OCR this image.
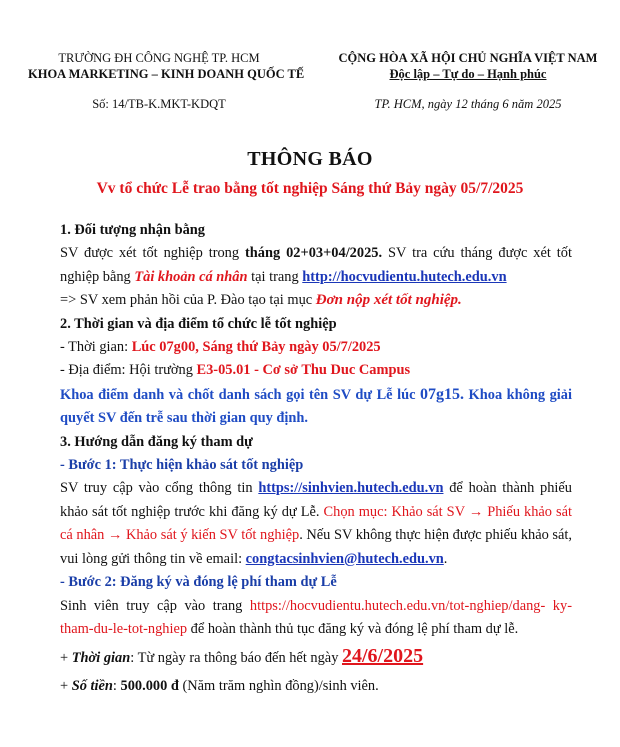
TRƯỜNG ĐH CÔNG NGHỆ TP. HCM
KHOA MARKETING – KINH DOANH QUỐC TẾ
Số: 14/TB-K.MKT-KDQT
CỘNG HÒA XÃ HỘI CHỦ NGHĨA VIỆT NAM
Độc lập – Tự do – Hạnh phúc
TP. HCM, ngày 12 tháng 6 năm 2025
THÔNG BÁO
Vv tổ chức Lễ trao bằng tốt nghiệp Sáng thứ Bảy ngày 05/7/2025

1. Đối tượng nhận bằng

SV được xét tốt nghiệp trong tháng 02+03+04/2025. SV tra cứu tháng được xét tốt nghiệp bằng Tài khoản cá nhân tại trang http://hocvudientu.hutech.edu.vn

=> SV xem phản hồi của P. Đào tạo tại mục Đơn nộp xét tốt nghiệp.

2. Thời gian và địa điểm tổ chức lễ tốt nghiệp

- Thời gian: Lúc 07g00, Sáng thứ Bảy ngày 05/7/2025

- Địa điểm: Hội trường E3-05.01 - Cơ sở Thu Duc Campus

Khoa điểm danh và chốt danh sách gọi tên SV dự Lễ lúc 07g15. Khoa không giải quyết SV đến trễ sau thời gian quy định.

3. Hướng dẫn đăng ký tham dự

- Bước 1: Thực hiện khảo sát tốt nghiệp

SV truy cập vào cổng thông tin https://sinhvien.hutech.edu.vn để hoàn thành phiếu khảo sát tốt nghiệp trước khi đăng ký dự Lễ. Chọn mục: Khảo sát SV → Phiếu khảo sát cá nhân → Khảo sát ý kiến SV tốt nghiệp. Nếu SV không thực hiện được phiếu khảo sát, vui lòng gửi thông tin về email: congtacsinhvien@hutech.edu.vn.

- Bước 2: Đăng ký và đóng lệ phí tham dự Lễ

Sinh viên truy cập vào trang https://hocvudientu.hutech.edu.vn/tot-nghiep/dang- ky-tham-du-le-tot-nghiep để hoàn thành thủ tục đăng ký và đóng lệ phí tham dự lễ.

+ Thời gian: Từ ngày ra thông báo đến hết ngày 24/6/2025

+ Số tiền: 500.000 đ (Năm trăm nghìn đồng)/sinh viên.
